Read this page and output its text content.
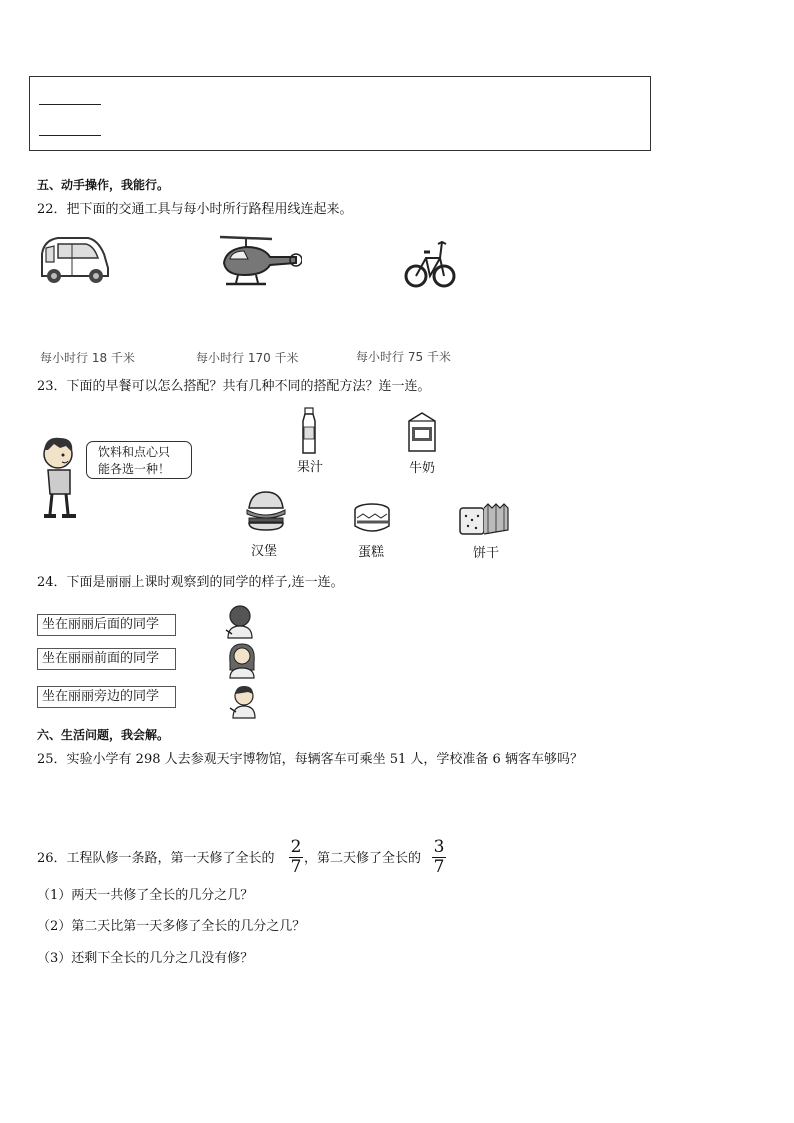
五、动手操作，我能行。
22．把下面的交通工具与每小时所行路程用线连起来。
每小时行 18 千米	每小时行 170 千米	每小时行 75 千米
23．下面的早餐可以怎么搭配？共有几种不同的搭配方法？连一连。
饮料和点心只
能各选一种！	果汁	牛奶
汉堡	蛋糕	饼干
24．下面是丽丽上课时观察到的同学的样子,连一连。
坐在丽丽后面的同学
坐在丽丽前面的同学
坐在丽丽旁边的同学
六、生活问题，我会解。
25．实验小学有 298 人去参观天宇博物馆，每辆客车可乘坐 51 人，学校准备 6 辆客车够吗？
26．工程队修一条路，第一天修了全长的
2
7 ，第二天修了全长的
3
7
（1）两天一共修了全长的几分之几？
（2）第二天比第一天多修了全长的几分之几？
（3）还剩下全长的几分之几没有修？
